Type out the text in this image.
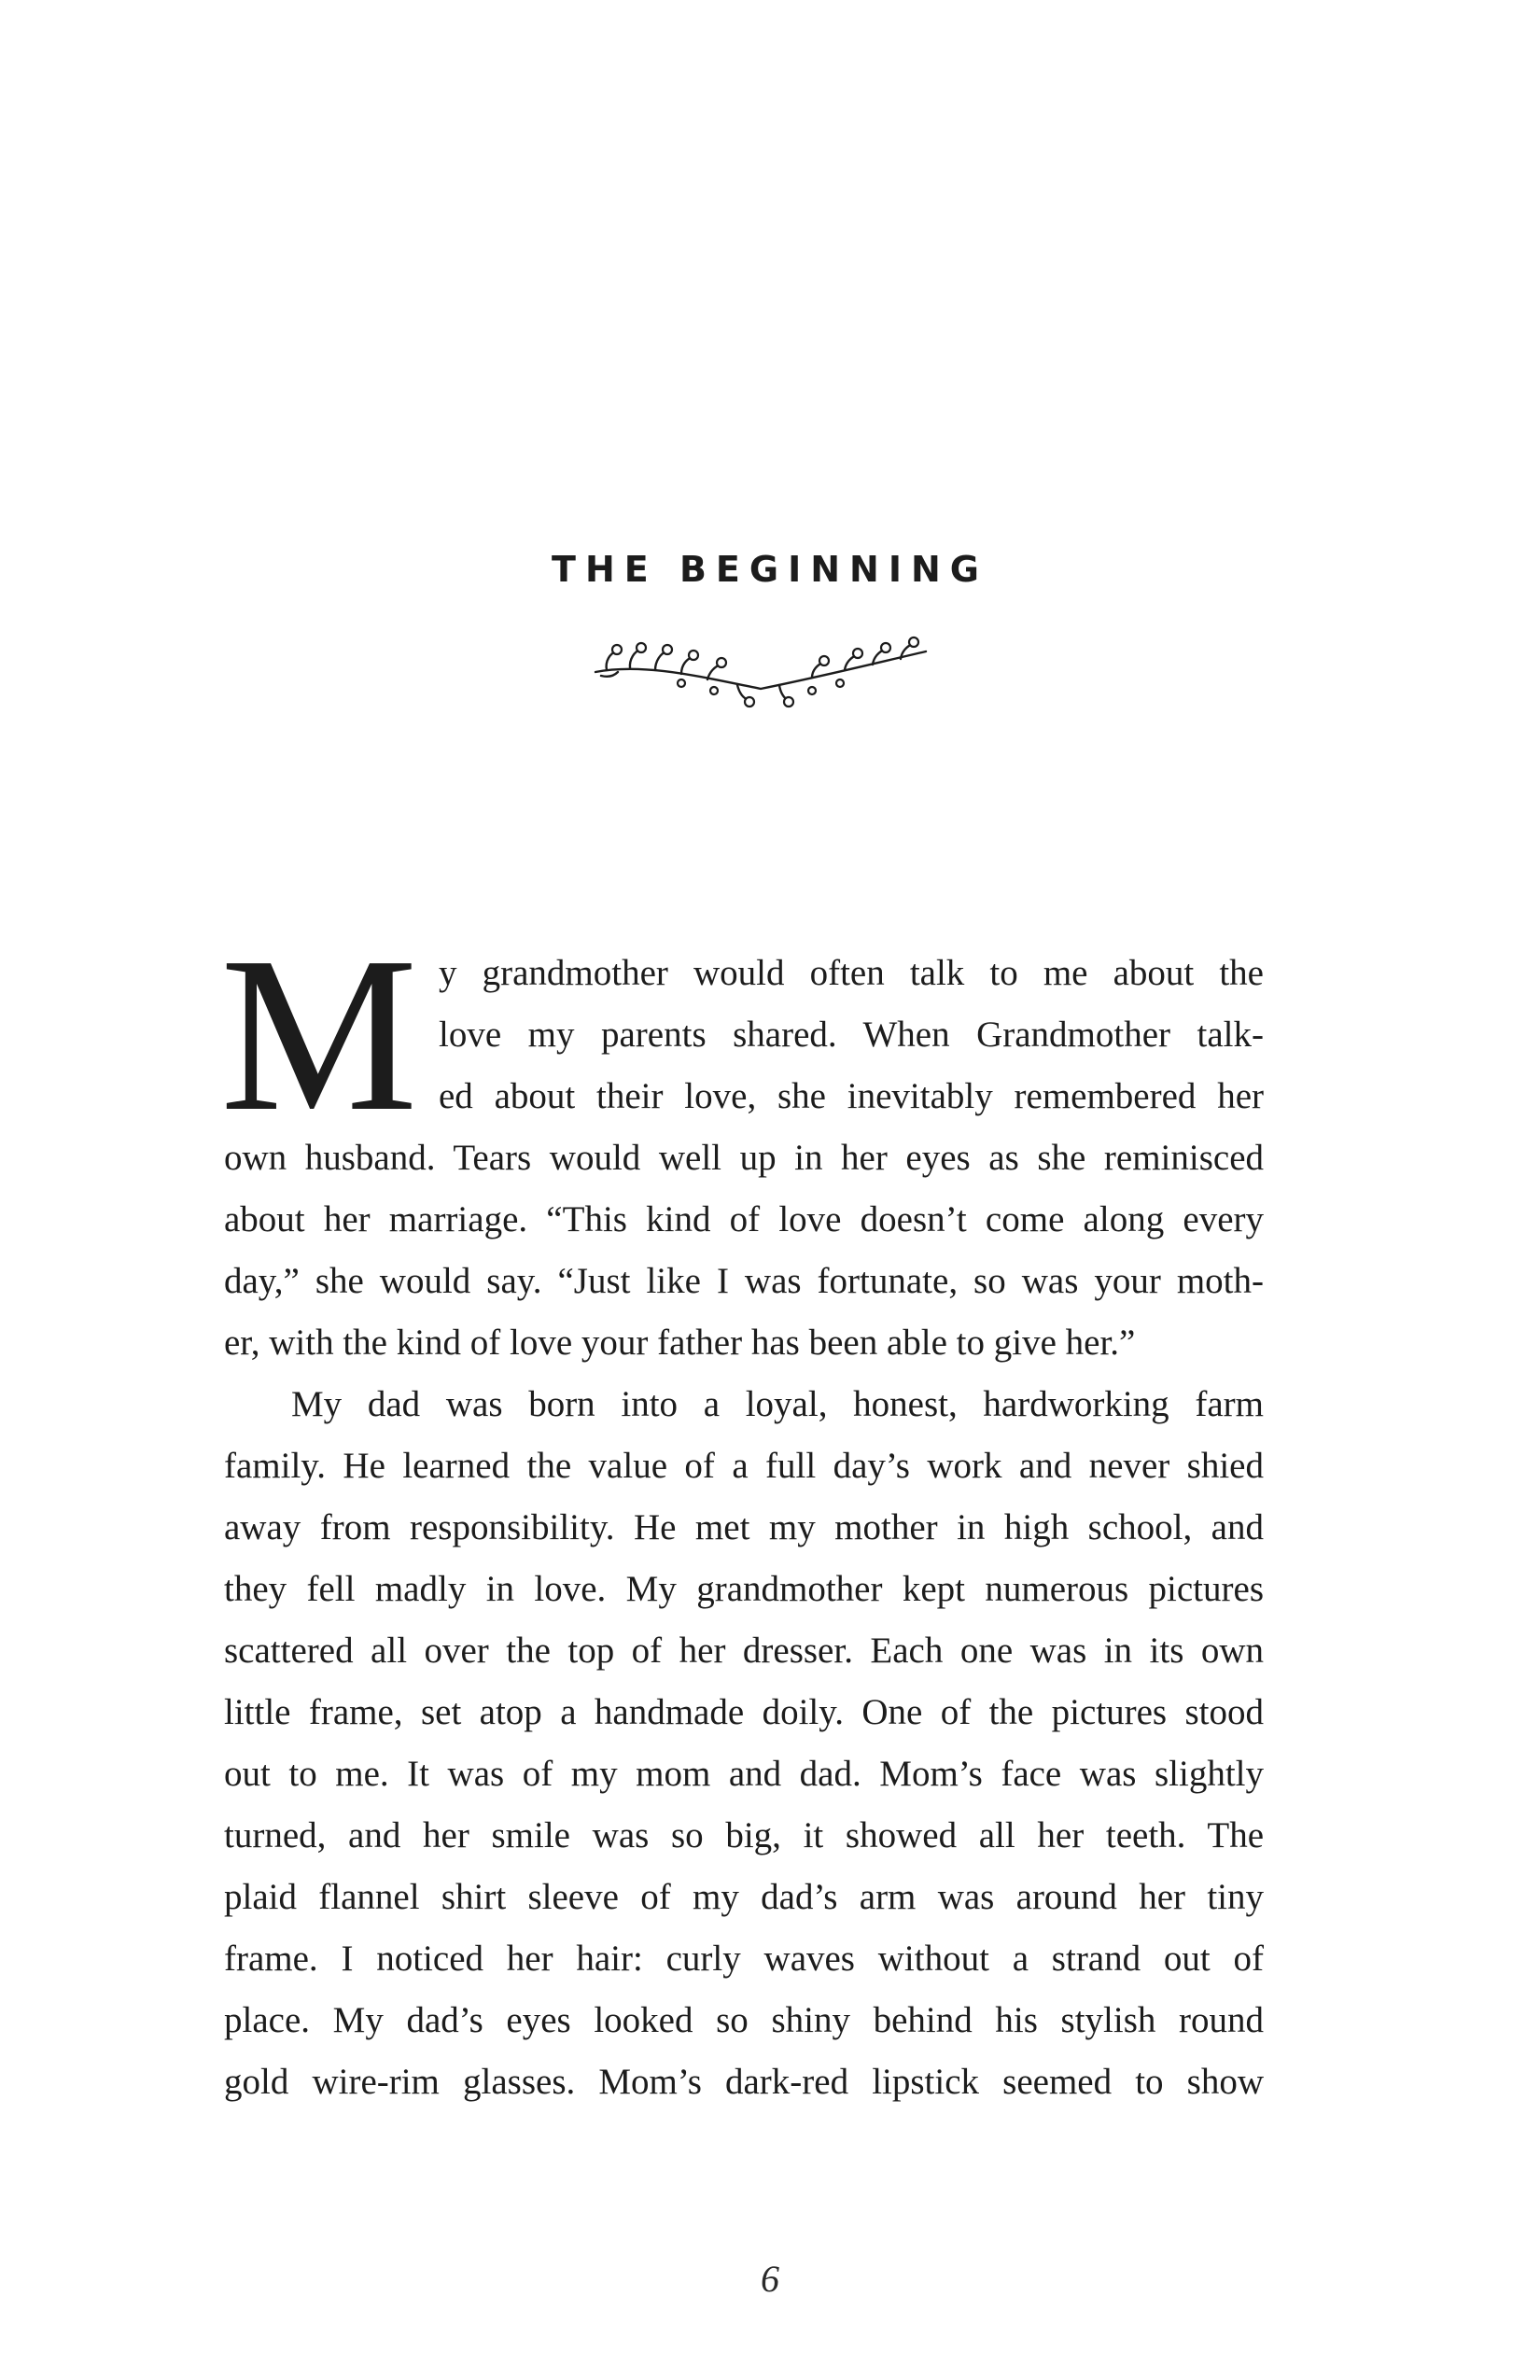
THE BEGINNING
M y grandmother would often talk to me about the
love my parents shared. When Grandmother talk-
ed about their love, she inevitably remembered her
own husband. Tears would well up in her eyes as she reminisced
about her marriage. “This kind of love doesn’t come along every
day,” she would say. “Just like I was fortunate, so was your moth-
er, with the kind of love your father has been able to give her.”
My dad was born into a loyal, honest, hardworking farm
family. He learned the value of a full day’s work and never shied
away from responsibility. He met my mother in high school, and
they fell madly in love. My grandmother kept numerous pictures
scattered all over the top of her dresser. Each one was in its own
little frame, set atop a handmade doily. One of the pictures stood
out to me. It was of my mom and dad. Mom’s face was slightly
turned, and her smile was so big, it showed all her teeth. The
plaid flannel shirt sleeve of my dad’s arm was around her tiny
frame. I noticed her hair: curly waves without a strand out of
place. My dad’s eyes looked so shiny behind his stylish round
gold wire-rim glasses. Mom’s dark-red lipstick seemed to show
6
